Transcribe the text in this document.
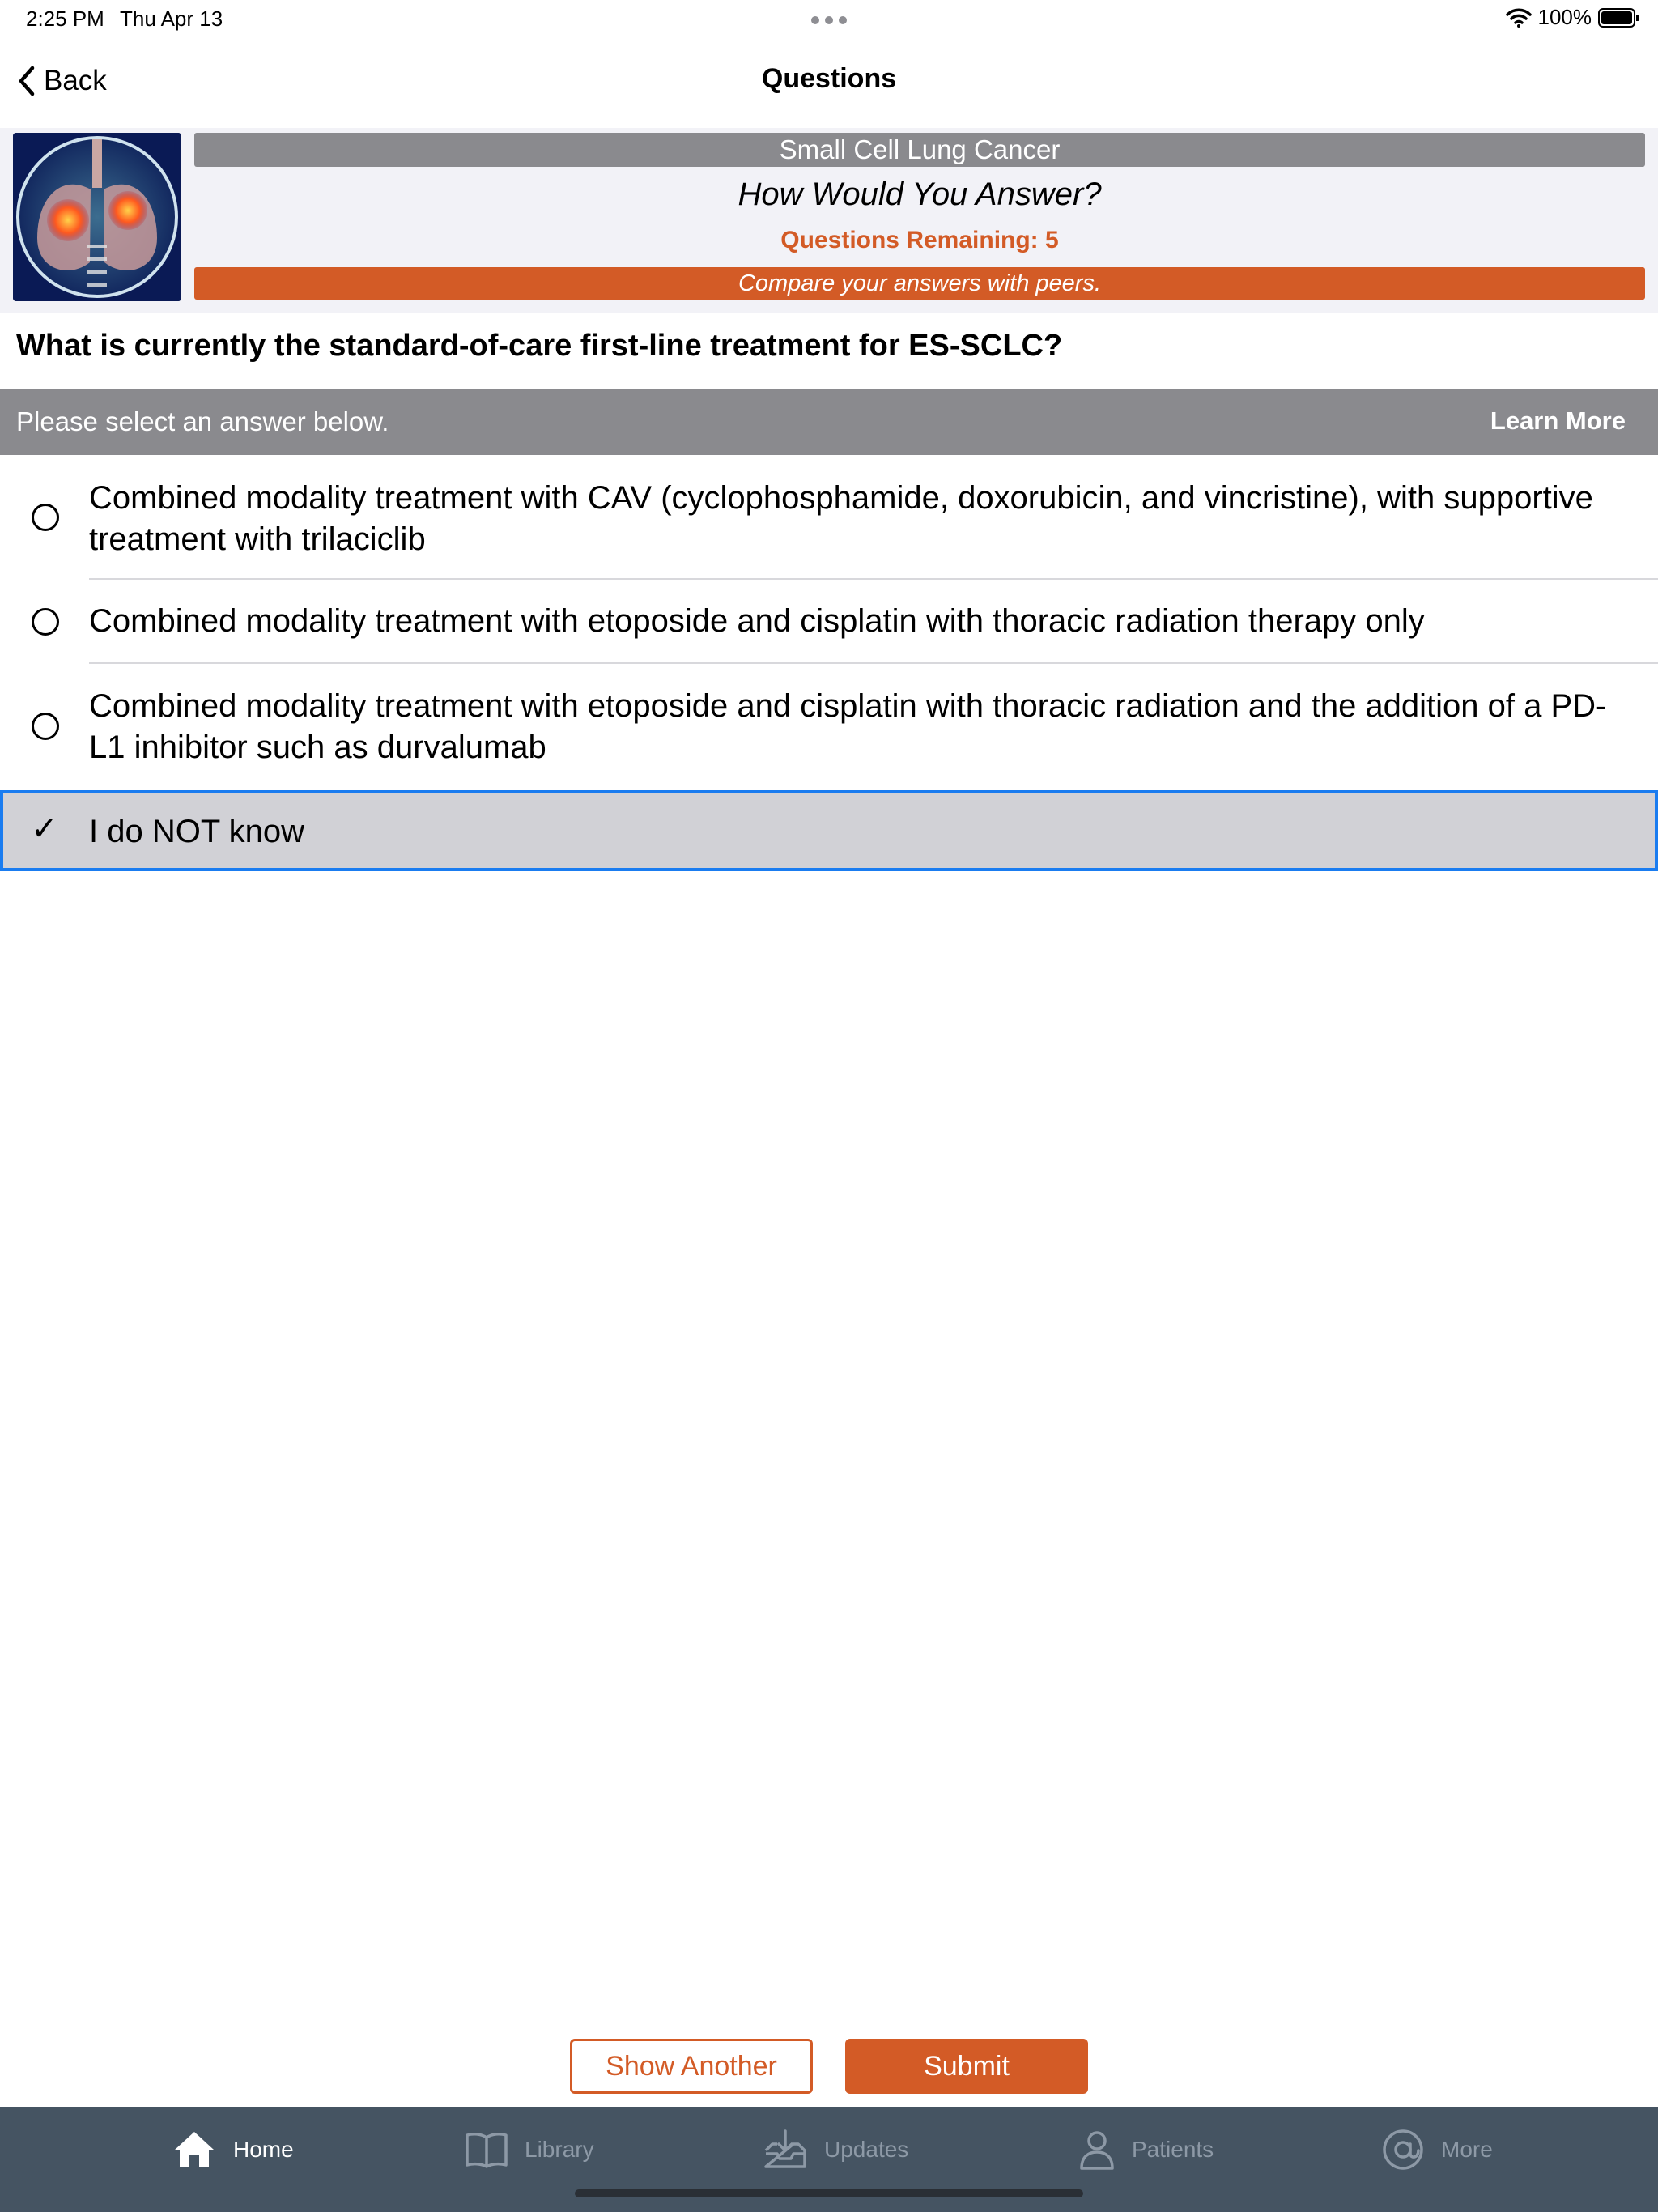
2:25 PM Thu Apr 13	100%
Back	Questions
Small Cell Lung Cancer
How Would You Answer?
Questions Remaining: 5
Compare your answers with peers.
What is currently the standard-of-care first-line treatment for ES-SCLC?
Please select an answer below.	Learn More
Combined modality treatment with CAV (cyclophosphamide, doxorubicin, and vincristine), with supportive treatment with trilaciclib
Combined modality treatment with etoposide and cisplatin with thoracic radiation therapy only
Combined modality treatment with etoposide and cisplatin with thoracic radiation and the addition of a PD-L1 inhibitor such as durvalumab
✓ I do NOT know
Show Another	Submit
Home	Library	Updates	Patients	More
